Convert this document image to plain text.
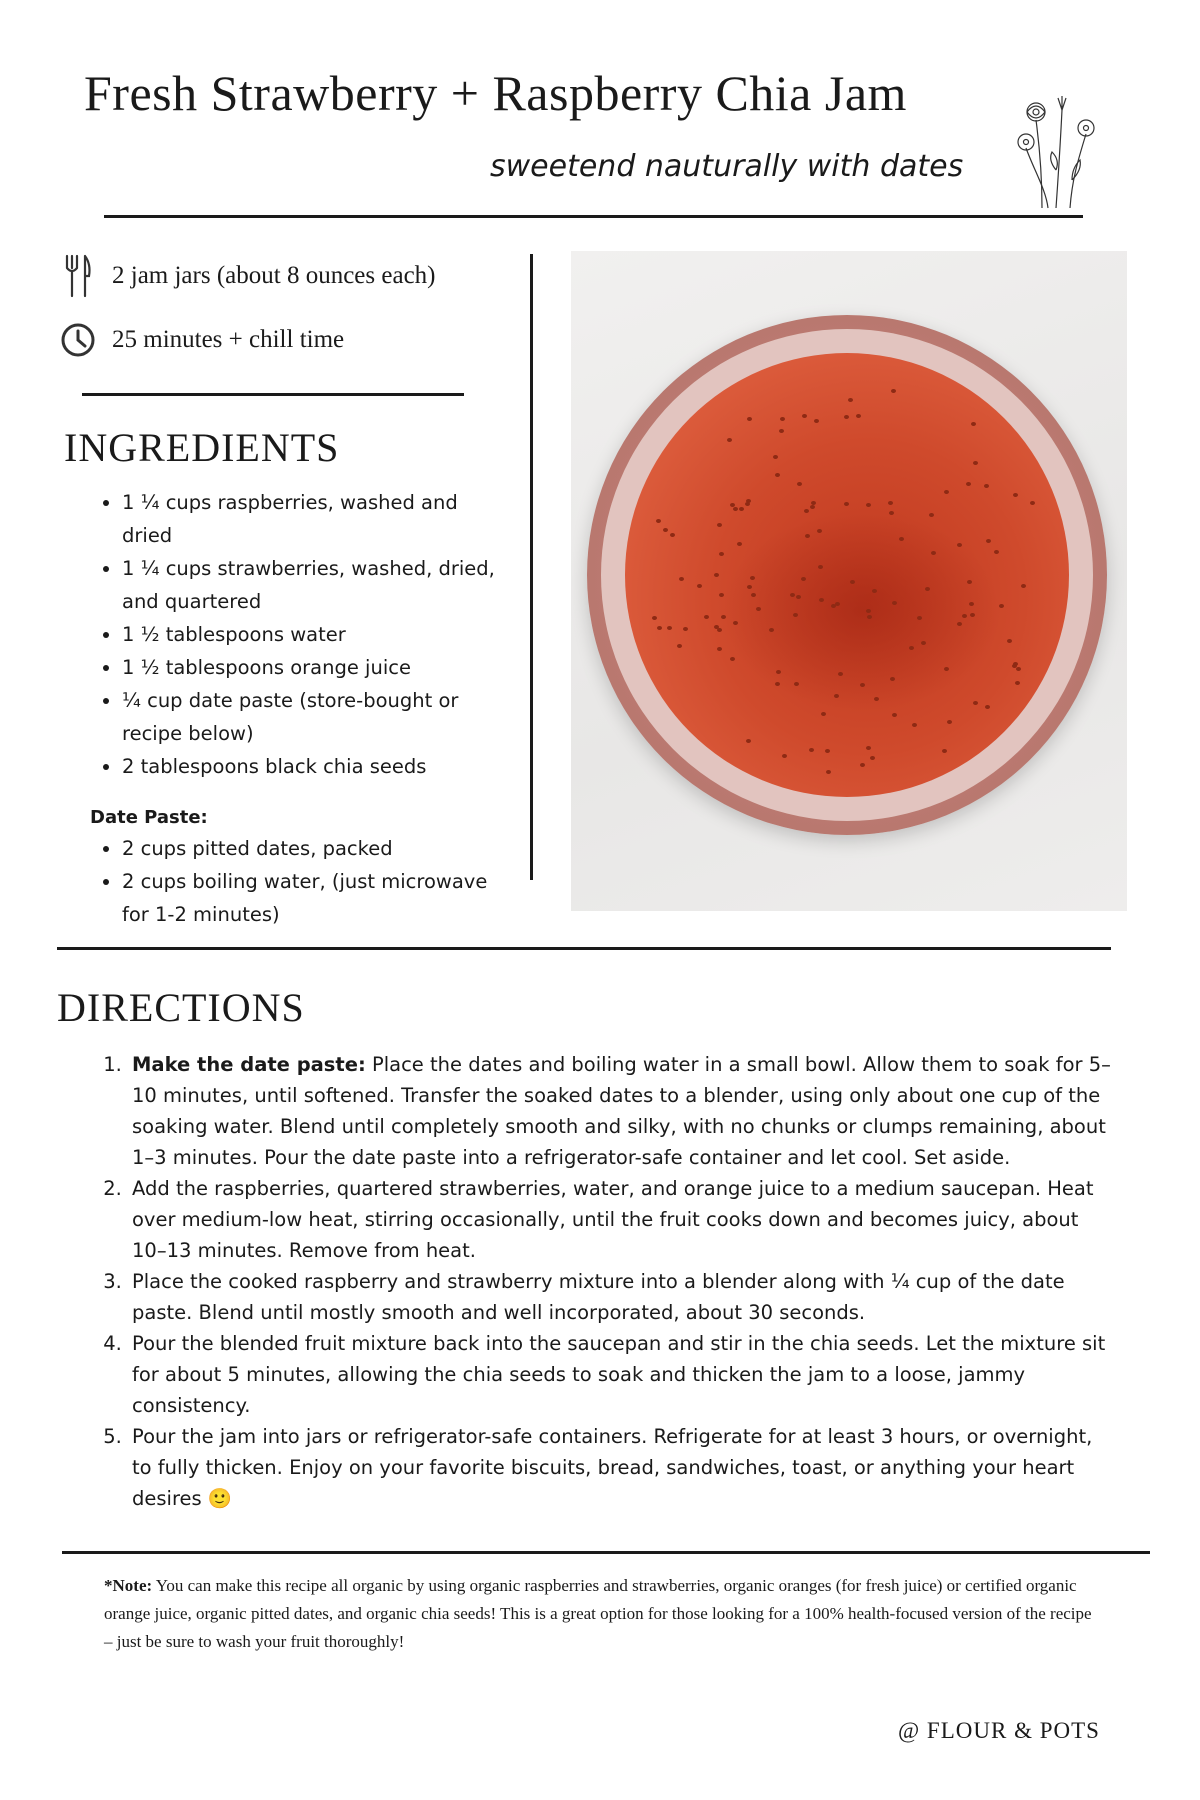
Fresh Strawberry + Raspberry Chia Jam
sweetend nauturally with dates
2 jam jars (about 8 ounces each)
25 minutes + chill time
INGREDIENTS
• 1 ¼ cups raspberries, washed and dried
• 1 ¼ cups strawberries, washed, dried, and quartered
• 1 ½ tablespoons water
• 1 ½ tablespoons orange juice
• ¼ cup date paste (store-bought or recipe below)
• 2 tablespoons black chia seeds
Date Paste:
• 2 cups pitted dates, packed
• 2 cups boiling water, (just microwave for 1-2 minutes)
DIRECTIONS
1. Make the date paste: Place the dates and boiling water in a small bowl. Allow them to soak for 5–10 minutes, until softened. Transfer the soaked dates to a blender, using only about one cup of the soaking water. Blend until completely smooth and silky, with no chunks or clumps remaining, about 1–3 minutes. Pour the date paste into a refrigerator-safe container and let cool. Set aside.
2. Add the raspberries, quartered strawberries, water, and orange juice to a medium saucepan. Heat over medium-low heat, stirring occasionally, until the fruit cooks down and becomes juicy, about 10–13 minutes. Remove from heat.
3. Place the cooked raspberry and strawberry mixture into a blender along with ¼ cup of the date paste. Blend until mostly smooth and well incorporated, about 30 seconds.
4. Pour the blended fruit mixture back into the saucepan and stir in the chia seeds. Let the mixture sit for about 5 minutes, allowing the chia seeds to soak and thicken the jam to a loose, jammy consistency.
5. Pour the jam into jars or refrigerator-safe containers. Refrigerate for at least 3 hours, or overnight, to fully thicken. Enjoy on your favorite biscuits, bread, sandwiches, toast, or anything your heart desires 🙂
*Note: You can make this recipe all organic by using organic raspberries and strawberries, organic oranges (for fresh juice) or certified organic orange juice, organic pitted dates, and organic chia seeds! This is a great option for those looking for a 100% health-focused version of the recipe – just be sure to wash your fruit thoroughly!
@ FLOUR & POTS
